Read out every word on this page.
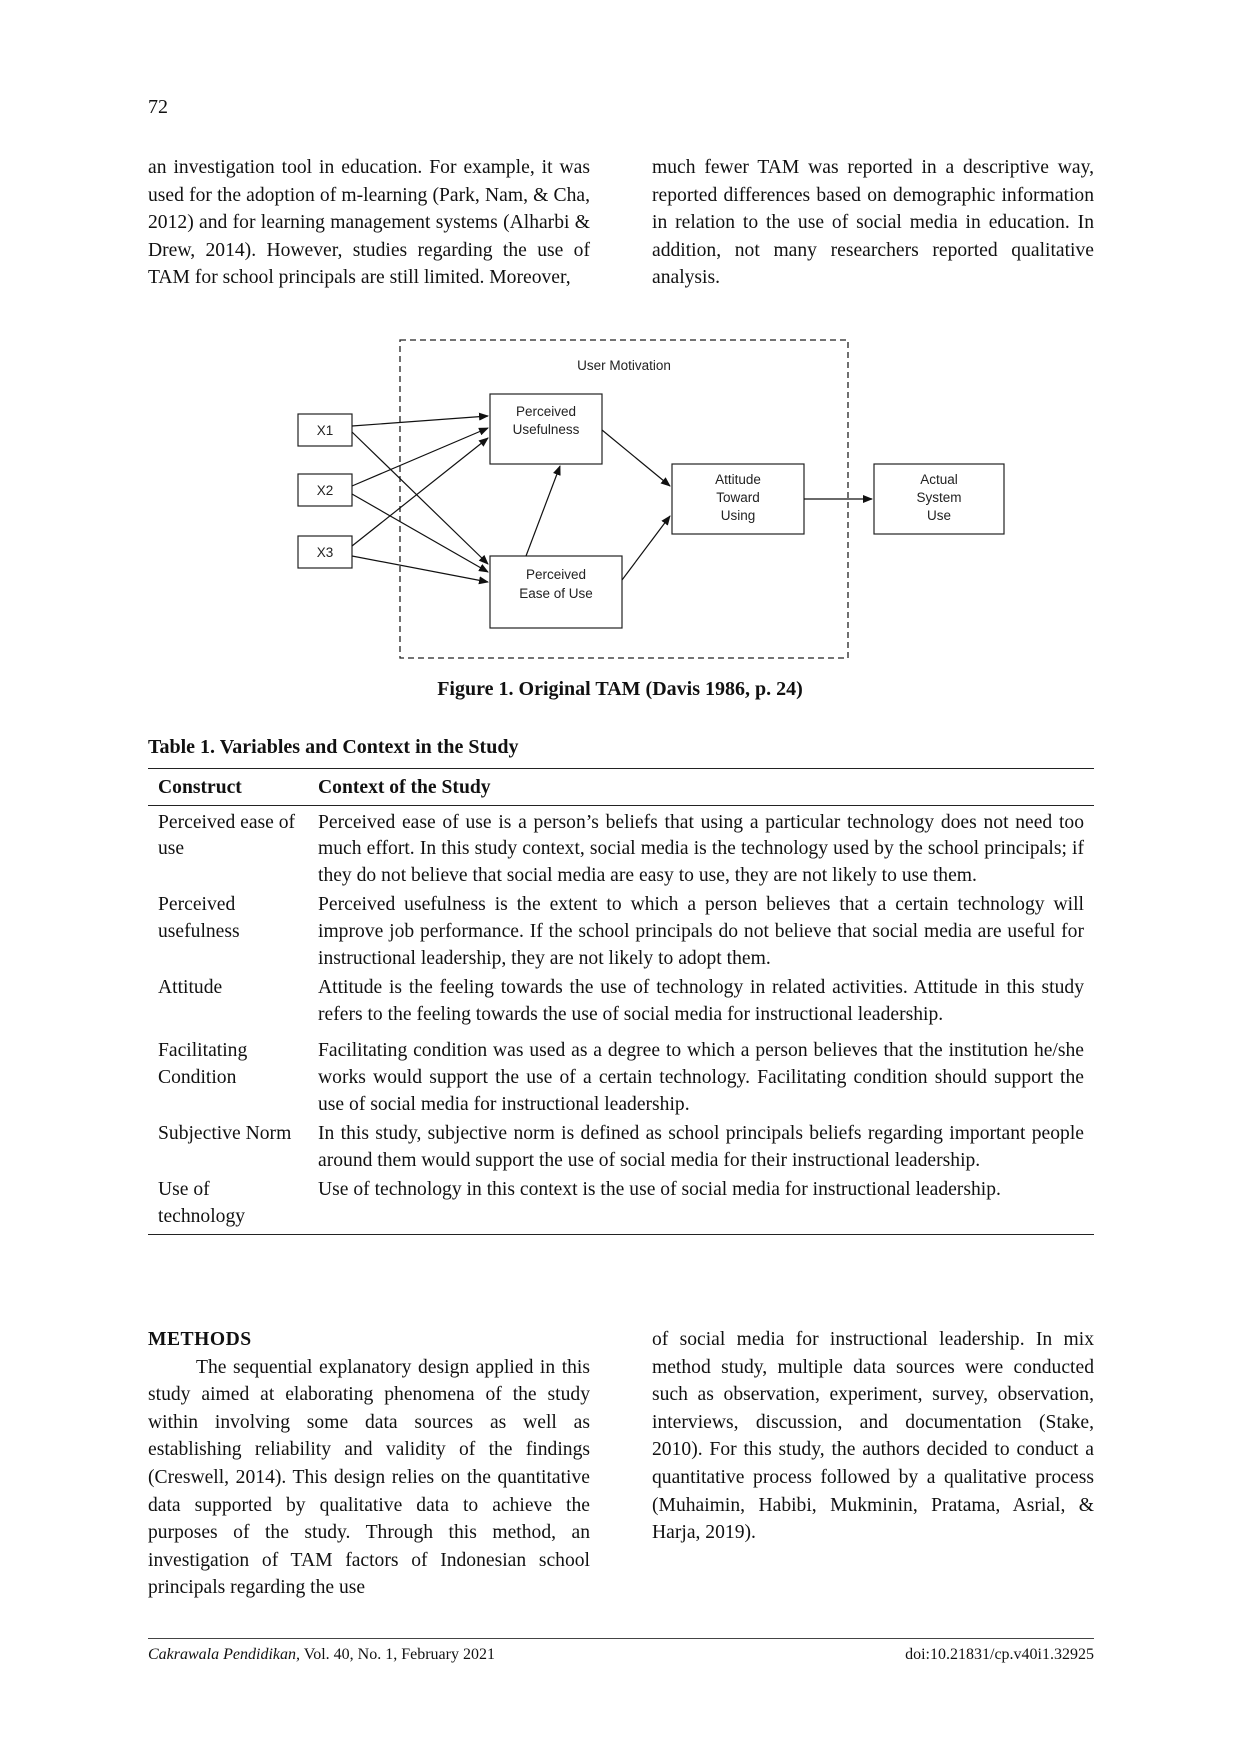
72

an investigation tool in education. For example, it was used for the adoption of m-learning (Park, Nam, & Cha, 2012) and for learning management systems (Alharbi & Drew, 2014). However, studies regarding the use of TAM for school principals are still limited. Moreover,

much fewer TAM was reported in a descriptive way, reported differences based on demographic information in relation to the use of social media in education. In addition, not many researchers reported qualitative analysis.

User Motivation
X1
X2
X3
Perceived
Usefulness
Perceived
Ease of Use
Attitude
Toward
Using
Actual
System
Use
Figure 1. Original TAM (Davis 1986, p. 24)
Table 1. Variables and Context in the Study
Construct	Context of the Study
Perceived ease of use	Perceived ease of use is a person’s beliefs that using a particular technology does not need too much effort. In this study context, social media is the technology used by the school principals; if they do not believe that social media are easy to use, they are not likely to use them.
Perceived usefulness	Perceived usefulness is the extent to which a person believes that a certain technology will improve job performance. If the school principals do not believe that social media are useful for instructional leadership, they are not likely to adopt them.
Attitude	Attitude is the feeling towards the use of technology in related activities. Attitude in this study refers to the feeling towards the use of social media for instructional leadership.
Facilitating Condition	Facilitating condition was used as a degree to which a person believes that the institution he/she works would support the use of a certain technology. Facilitating condition should support the use of social media for instructional leadership.
Subjective Norm	In this study, subjective norm is defined as school principals beliefs regarding important people around them would support the use of social media for their instructional leadership.
Use of technology	Use of technology in this context is the use of social media for instructional leadership.

METHODS

The sequential explanatory design applied in this study aimed at elaborating phenomena of the study within involving some data sources as well as establishing reliability and validity of the findings (Creswell, 2014). This design relies on the quantitative data supported by qualitative data to achieve the purposes of the study. Through this method, an investigation of TAM factors of Indonesian school principals regarding the use

of social media for instructional leadership. In mix method study, multiple data sources were conducted such as observation, experiment, survey, observation, interviews, discussion, and documentation (Stake, 2010). For this study, the authors decided to conduct a quantitative process followed by a qualitative process (Muhaimin, Habibi, Mukminin, Pratama, Asrial, & Harja, 2019).

Cakrawala Pendidikan, Vol. 40, No. 1, February 2021	doi:10.21831/cp.v40i1.32925
